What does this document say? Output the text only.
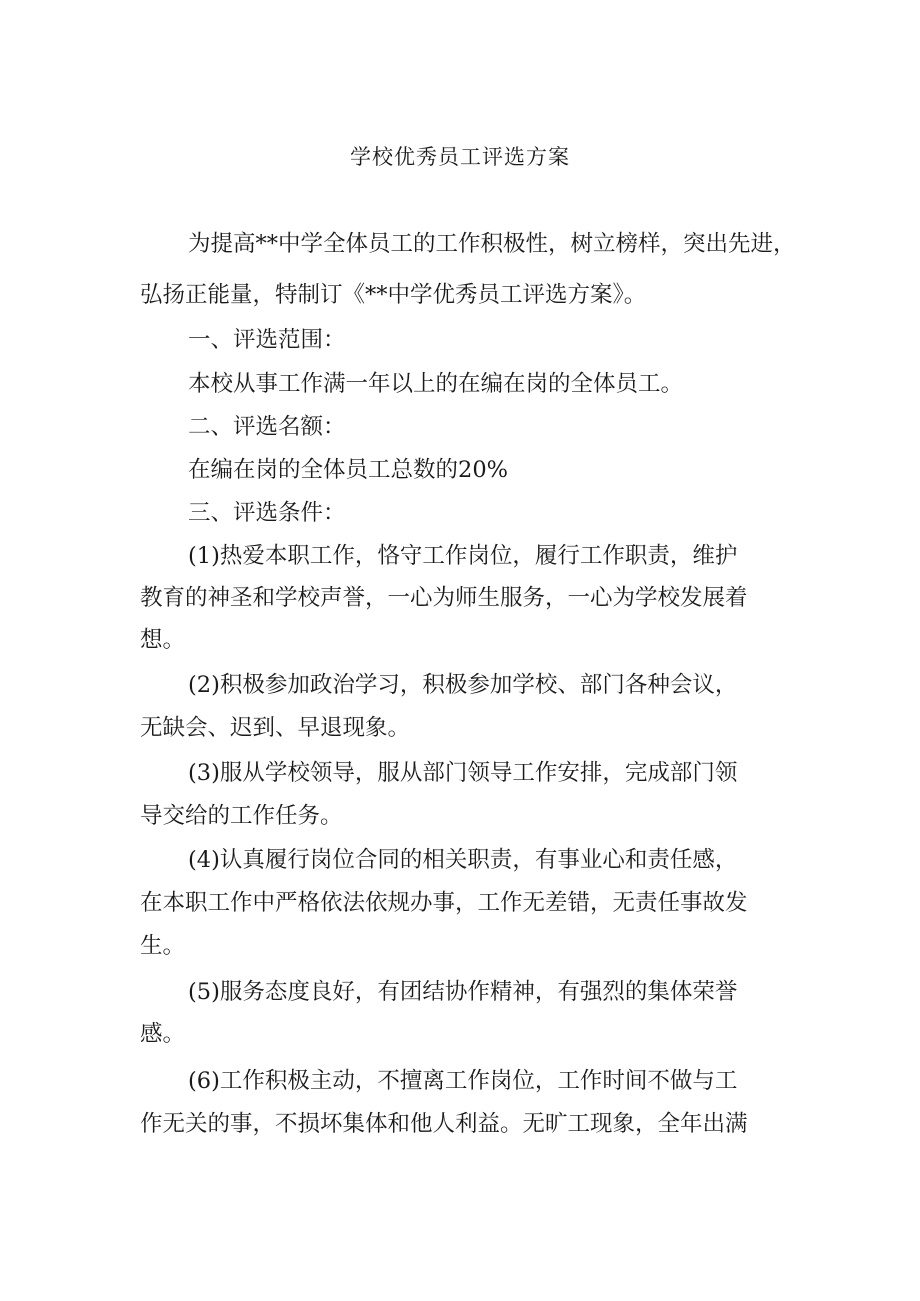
学校优秀员工评选方案
为提高**中学全体员工的工作积极性，树立榜样，突出先进，
弘扬正能量，特制订《**中学优秀员工评选方案》。
一、评选范围：
本校从事工作满一年以上的在编在岗的全体员工。
二、评选名额：
在编在岗的全体员工总数的20%
三、评选条件：
(1)热爱本职工作，恪守工作岗位，履行工作职责，维护
教育的神圣和学校声誉，一心为师生服务，一心为学校发展着
想。
(2)积极参加政治学习，积极参加学校、部门各种会议，
无缺会、迟到、早退现象。
(3)服从学校领导，服从部门领导工作安排，完成部门领
导交给的工作任务。
(4)认真履行岗位合同的相关职责，有事业心和责任感，
在本职工作中严格依法依规办事，工作无差错，无责任事故发
生。
(5)服务态度良好，有团结协作精神，有强烈的集体荣誉
感。
(6)工作积极主动，不擅离工作岗位，工作时间不做与工
作无关的事，不损坏集体和他人利益。无旷工现象，全年出满
